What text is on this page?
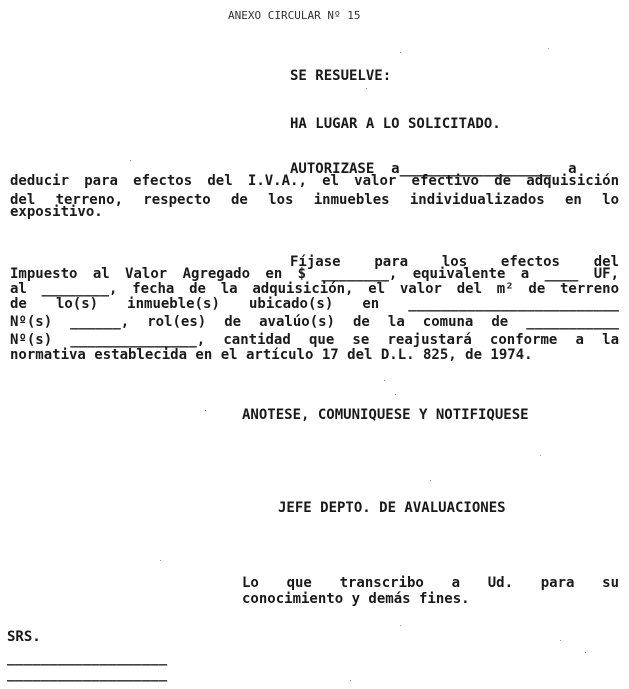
ANEXO CIRCULAR Nº 15
SE RESUELVE:
HA LUGAR A LO SOLICITADO.
AUTORIZASE  a__________________  a
deducir para efectos del I.V.A., el valor efectivo de adquisición
del terreno, respecto de los inmuebles individualizados en lo
expositivo.
Fíjase para los efectos del
Impuesto al Valor Agregado en $ ________, equivalente a ____ UF,
al ________, fecha de la adquisición, el valor del m² de terreno
de lo(s) inmueble(s) ubicado(s) en _________________________
Nº(s) ______, rol(es) de avalúo(s) de la comuna de ___________
Nº(s) _______________, cantidad que se reajustará conforme a la
normativa establecida en el artículo 17 del D.L. 825, de 1974.
ANOTESE, COMUNIQUESE Y NOTIFIQUESE
JEFE DEPTO. DE AVALUACIONES
Lo que transcribo a Ud. para su
conocimiento y demás fines.
SRS.
___________________
___________________
